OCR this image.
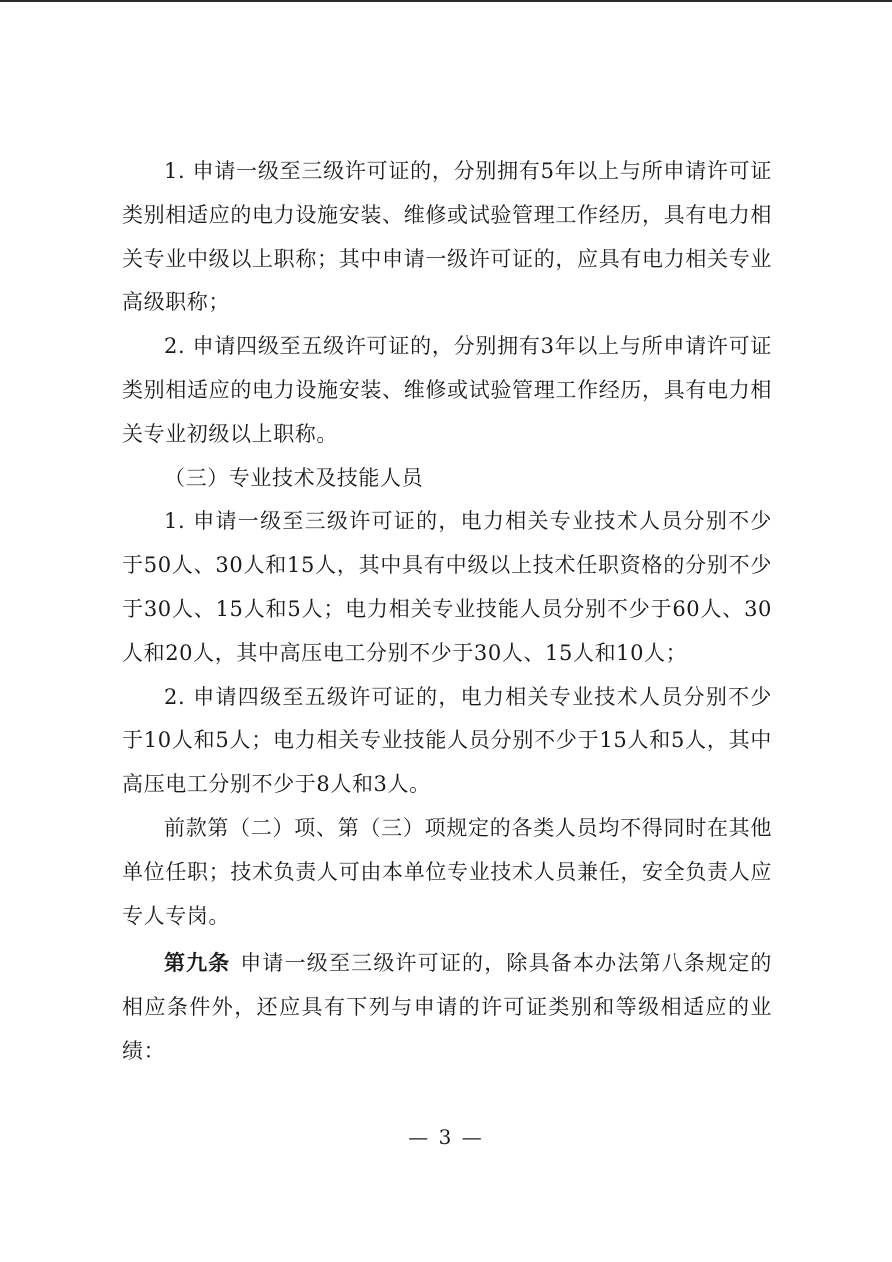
1. 申请一级至三级许可证的，分别拥有5年以上与所申请许可证类别相适应的电力设施安装、维修或试验管理工作经历，具有电力相关专业中级以上职称；其中申请一级许可证的，应具有电力相关专业高级职称；

2. 申请四级至五级许可证的，分别拥有3年以上与所申请许可证类别相适应的电力设施安装、维修或试验管理工作经历，具有电力相关专业初级以上职称。

（三）专业技术及技能人员

1. 申请一级至三级许可证的，电力相关专业技术人员分别不少于50人、30人和15人，其中具有中级以上技术任职资格的分别不少于30人、15人和5人；电力相关专业技能人员分别不少于60人、30人和20人，其中高压电工分别不少于30人、15人和10人；

2. 申请四级至五级许可证的，电力相关专业技术人员分别不少于10人和5人；电力相关专业技能人员分别不少于15人和5人，其中高压电工分别不少于8人和3人。

前款第（二）项、第（三）项规定的各类人员均不得同时在其他单位任职；技术负责人可由本单位专业技术人员兼任，安全负责人应专人专岗。

第九条 申请一级至三级许可证的，除具备本办法第八条规定的相应条件外，还应具有下列与申请的许可证类别和等级相适应的业绩：

— 3 —
